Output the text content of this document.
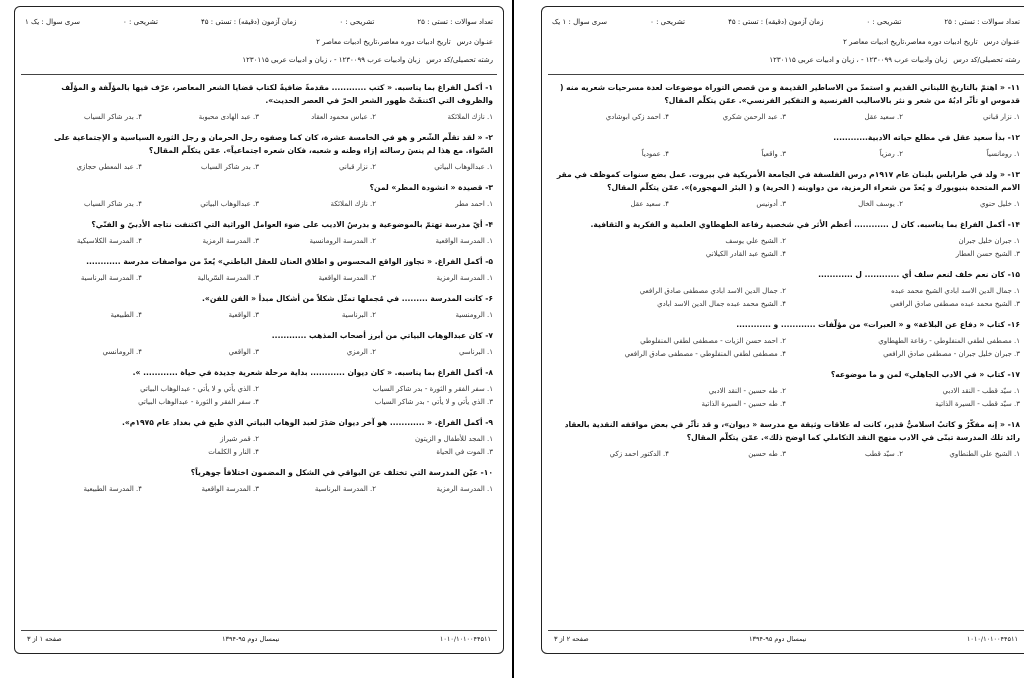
تعداد سوالات : تستی : ۲۵
تشریحی : ۰
زمان آزمون (دقیقه) : تستی : ۴۵
تشریحی : ۰
سری سوال : یک ۱
عنـوان درس
تاریخ ادبیات دوره معاصر،تاریخ ادبیات معاصر ۲
رشته تحصیلی/کد درس
زبان وادبیات عرب ۱۲۳۰۰۹۹ - ، زبان و ادبیات عربی ۱۲۳۰۱۱۵
۱- أكمل الفراغ بما يناسبه. « كتب ............ مقدمةً ضافيةً لكتاب قضايا الشعر المعاصر، عرّف فيها بالمؤلّفة و المؤلّف والظروف التي اكتنفَتْ ظهور الشعر الحرّ في العصر الحديث».
۱. نازك الملائكة
۲. عباس محمود العقاد
۳. عبد الهادی محبوبة
۴. بدر شاكر السياب
۲- « لقد تقلّم الشّعر و هو في الخامسة عشرة، كان كما وصفوه رجل الحرمان و رجل الثورة السياسية و الإجتماعية على السّواء. مع هذا لم ينسَ رسالته إزاء وطنه و شعبه، فكان شعره اجتماعياً». عمّن يتكلّم المقال؟
۱. عبدالوهاب البياتي
۲. نزار قباني
۳. بدر شاكر السياب
۴. عبد المعطي حجازي
۳- قصيدة « انشودة المطر» لمن؟
۱. احمد مطر
۲. نازك الملائكة
۳. عبدالوهاب البياتي
۴. بدر شاكر السياب
۴- أيّ مدرسة تهتمّ بالموضوعية و بدرسُ الاديب على ضوء العوامل الوراثية التي اكتنفت نتاجه الأدبيّ و الفنّي؟
۱. المدرسة الواقعية
۲. المدرسة الرومانسية
۳. المدرسة الرمزية
۴. المدرسة الكلاسيكية
۵- أكمل الفراغ. « تجاوز الواقع المحسوس و اطلاق العنان للعقل الباطني» يُعدّ من مواصفات مدرسة ............
۱. المدرسة الرمزية
۲. المدرسة الواقعية
۳. المدرسة السّريالية
۴. المدرسة البرناسية
۶- كانت المدرسة ......... في مُجملها تمثّل شكلاً من أشكال مبدأ « الفن للفن».
۱. الرومنسية
۲. البرناسية
۳. الواقعية
۴. الطبيعية
۷- كان عبدالوهاب البياتي من أبرز أصحاب المذهب ............
۱. البرناسي
۲. الرمزي
۳. الواقعي
۴. الرومانسي
۸- أكمل الفراغ بما يناسبه. « كان ديوان ............ بداية مرحلة شعرية جديدة في حياة ............ ».
۱. سفر الفقر و الثورة - بدر شاكر السياب
۲. الذي يأتي و لا يأتي - عبدالوهاب البياتي
۳. الذي يأتي و لا يأتي - بدر شاكر السياب
۴. سفر الفقر و الثورة - عبدالوهاب البياتي
۹- أكمل الفراغ. « ............ هو آخر ديوان صَدَرَ لعبد الوهاب البياتي الذي طبع في بغداد عام ۱۹۷۵م».
۱. المجد للأطفال و الزيتون
۲. قمر شيراز
۳. الموت في الحياة
۴. النار و الكلمات
۱۰- عيّن المدرسة التي تختلف عن البواقي في الشكل و المضمون اختلافاً جوهرياً؟
۱. المدرسة الرمزية
۲. المدرسة البرناسية
۳. المدرسة الواقعية
۴. المدرسة الطبيعية
۱۰۱۰/۱۰۱۰۰۴۴۵۱۱
نیمسال دوم ۹۵-۱۳۹۴
صفحه ۱ از ۳
تعداد سوالات : تستی : ۲۵
تشریحی : ۰
زمان آزمون (دقیقه) : تستی : ۴۵
تشریحی : ۰
سری سوال : ۱ یک
عنـوان درس
تاریخ ادبیات دوره معاصر،تاریخ ادبیات معاصر ۲
رشته تحصیلی/کد درس
زبان وادبیات عرب ۱۲۳۰۰۹۹ - ، زبان و ادبیات عربی ۱۲۳۰۱۱۵
۱۱- « اهتمّ بالتاريخ اللبناني القديم و استمدّ من الاساطير القديمة و من قصص التوراة موضوعات لعدة مسرحيات شعريه منه ( قدموس او تأثّر ادبُهُ من شعر و نثر بالاساليب الفرنسية و التفكير الفرنسي». عمّن يتكلّم المقال؟
۱. نزار قباني
۲. سعيد عقل
۳. عبد الرحمن شكري
۴. احمد زكي ابوشادي
۱۲- بدأ سعيد عقل في مطلع حياته الادبية............
۱. رومانسياً
۲. رمزياً
۳. واقعياً
۴. عمودياً
۱۳- « ولد في طرابلس بلبنان عام ۱۹۱۷م درس الفلسفة في الجامعة الأمريكية في بيروت. عمل بضع سنوات كموظف في مقر الامم المتحدة بنيويورك و يُعدّ من شعراء الرمزية، من دواوينه ( الحرية) و ( البئر المهجورة)». عمّن يتكلّم المقال؟
۱. خليل حنوي
۲. يوسف الخال
۳. أدونيس
۴. سعيد عقل
۱۴- أكمل الفراغ بما يناسبه. كان ل ............ أعظم الأثر في شخصية رفاعة الطهطاوي العلمية و الفكرية و الثقافية.
۱. جبران خليل جبران
۲. الشيخ علي يوسف
۳. الشيخ حسن العطار
۴. الشيخ عبد القادر الكيلاني
۱۵- كان نعم خلف لنعم سلف أي ............ ل ............
۱. جمال الدين الاسد ابادي الشيخ محمد عبده
۲. جمال الدين الاسد ابادي مصطفى صادق الرافعي
۳. الشيخ محمد عبده مصطفى صادق الرافعي
۴. الشيخ محمد عبده جمال الدين الاسد ابادي
۱۶- كتاب « دفاع عن البلاغة» و « العبرات» من مؤلّفات ............ و ............
۱. مصطفى لطفي المنفلوطي - رفاعة الطهطاوي
۲. احمد حسن الزيات - مصطفى لطفي المنفلوطي
۳. جبران خليل جبران - مصطفى صادق الرافعي
۴. مصطفى لطفي المنفلوطي - مصطفى صادق الرافعي
۱۷- كتاب « في الادب الجاهلي» لمن و ما موضوعه؟
۱. سيّد قطب - النقد الادبي
۲. طه حسين - النقد الادبي
۳. سيّد قطب - السيرة الذاتية
۴. طه حسين - السيرة الذاتية
۱۸- « إنه مفكّرٌ و كاتبٌ اسلاميٌّ قدير، كانت له علاقات وثيقة مع مدرسة « ديوان»، و قد تأثّر في بعض مواقفه النقدية بالعقاد رائد تلك المدرسة تبنّى في الادب منهج النقد التكاملي كما اوضح ذلك». عمّن يتكلّم المقال؟
۱. الشيخ علي الطنطاوي
۲. سيّد قطب
۳. طه حسين
۴. الدكتور احمد زكي
۱۰۱۰/۱۰۱۰۰۴۴۵۱۱
نیمسال دوم ۹۵-۱۳۹۴
صفحه ۲ از ۳
